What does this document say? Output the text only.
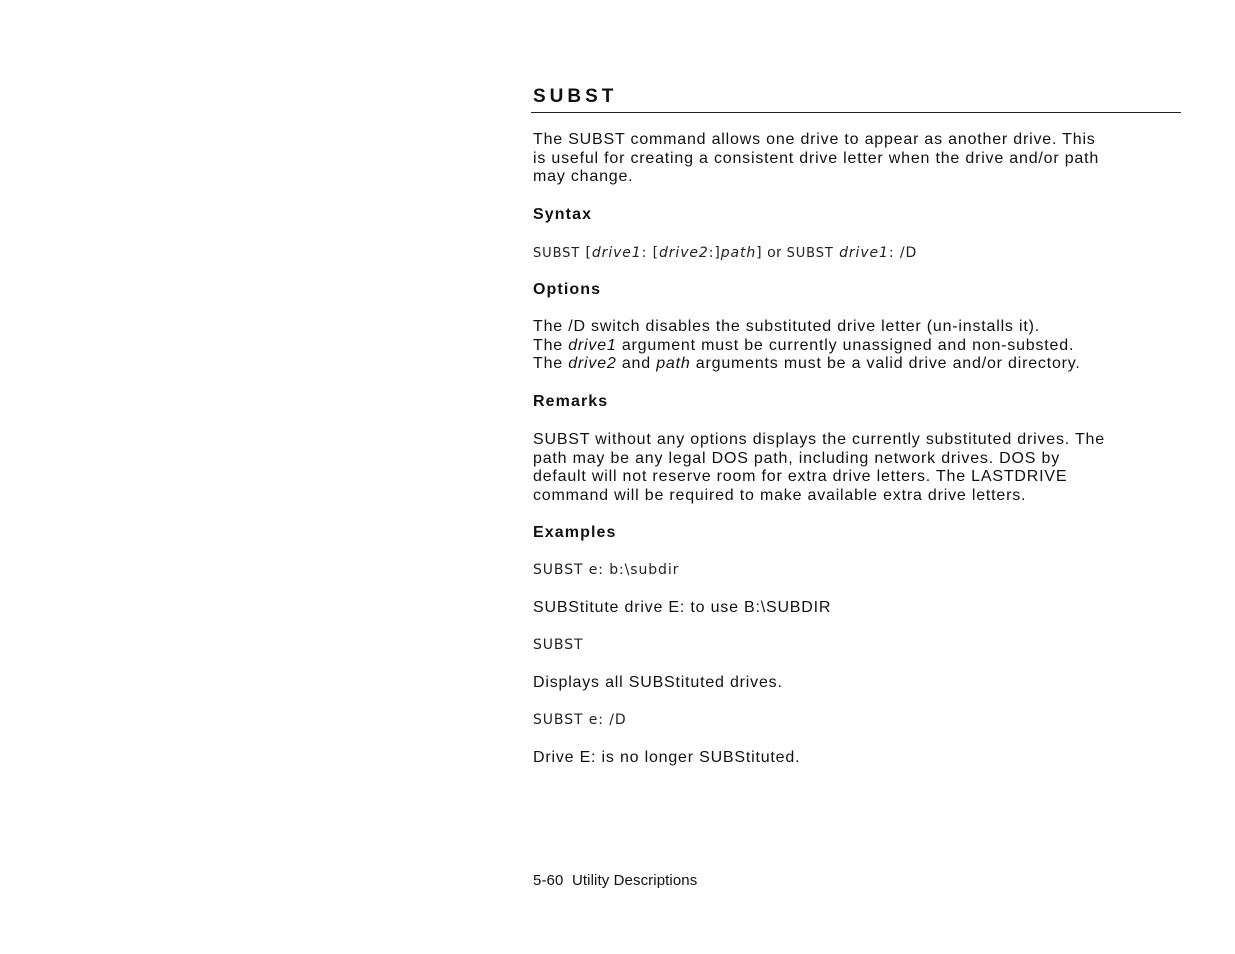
SUBST

The SUBST command allows one drive to appear as another drive. This
is useful for creating a consistent drive letter when the drive and/or path
may change.

Syntax

SUBST [drive1: [drive2:]path] or SUBST drive1: /D

Options

The /D switch disables the substituted drive letter (un-installs it).
The drive1 argument must be currently unassigned and non-substed.
The drive2 and path arguments must be a valid drive and/or directory.

Remarks

SUBST without any options displays the currently substituted drives. The
path may be any legal DOS path, including network drives. DOS by
default will not reserve room for extra drive letters. The LASTDRIVE
command will be required to make available extra drive letters.

Examples

SUBST e: b:\subdir

SUBStitute drive E: to use B:\SUBDIR

SUBST

Displays all SUBStituted drives.

SUBST e: /D

Drive E: is no longer SUBStituted.

5-60  Utility Descriptions
